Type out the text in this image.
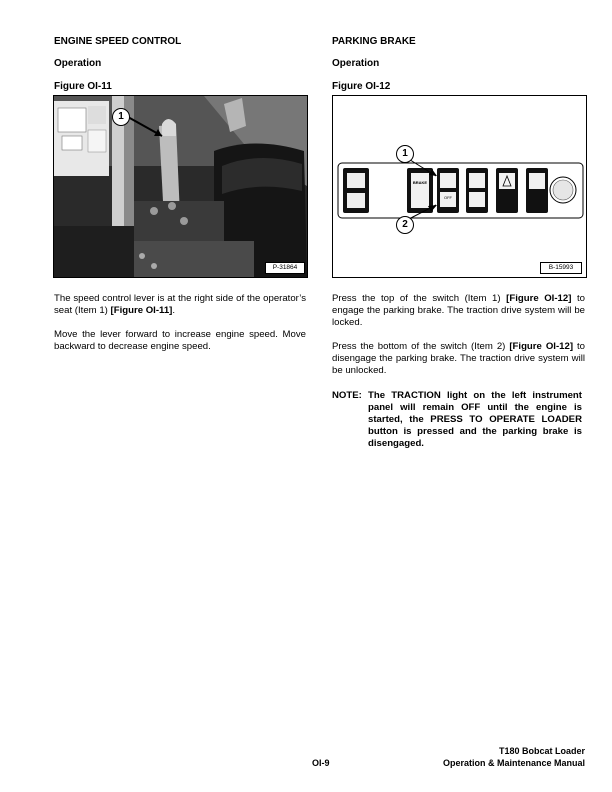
ENGINE SPEED CONTROL
Operation
Figure OI-11
1
P-31864
The speed control lever is at the right side of the operator’s seat (Item 1) [Figure OI-11].
Move the lever forward to increase engine speed. Move backward to decrease engine speed.
PARKING BRAKE
Operation
Figure OI-12
BRAKE
OFF
1
2
B-15993
Press the top of the switch (Item 1) [Figure OI-12] to engage the parking brake. The traction drive system will be locked.
Press the bottom of the switch (Item 2) [Figure OI-12] to disengage the parking brake. The traction drive system will be unlocked.
NOTE: The TRACTION light on the left instrument panel will remain OFF until the engine is started, the PRESS TO OPERATE LOADER button is pressed and the parking brake is disengaged.
OI-9
T180 Bobcat Loader
Operation & Maintenance Manual
